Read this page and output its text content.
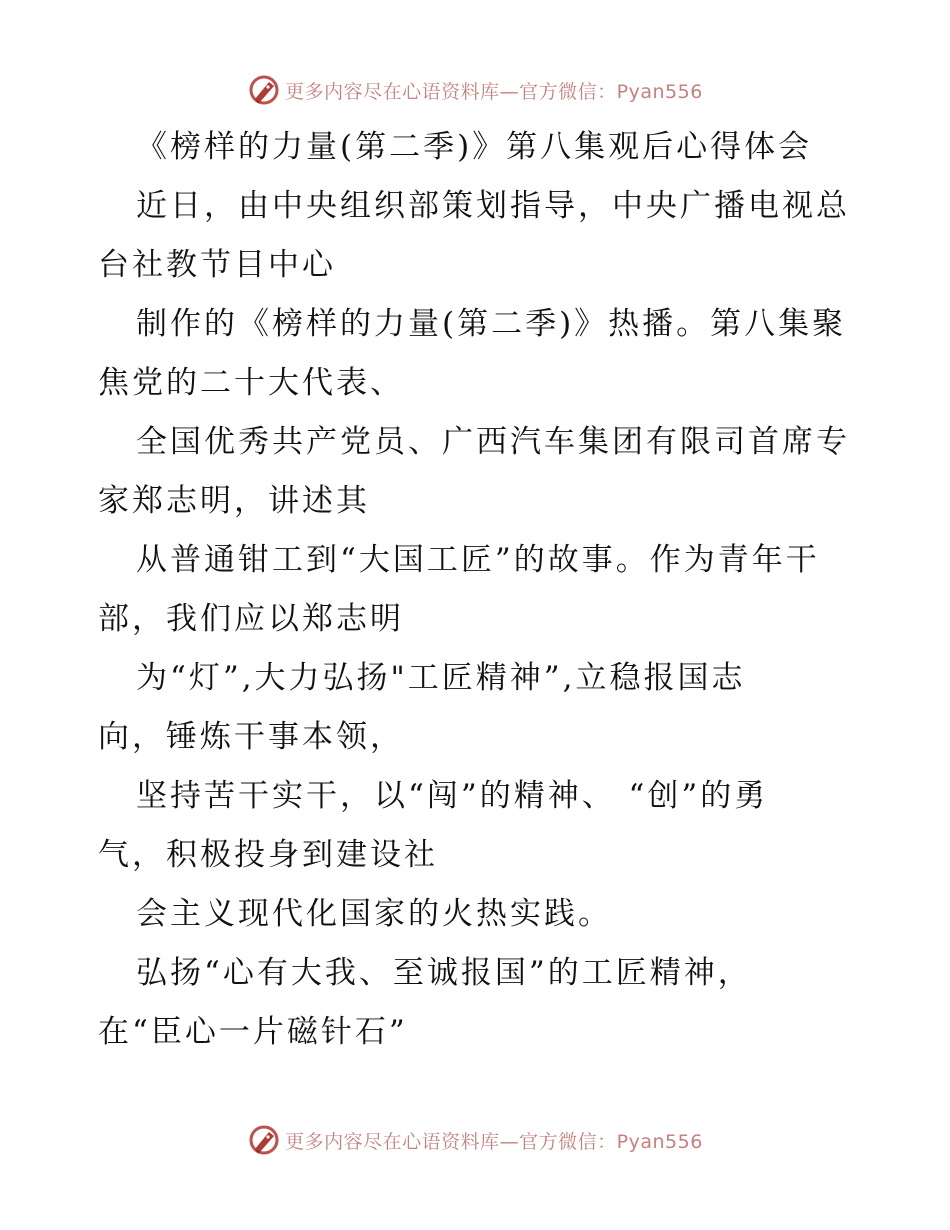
更多内容尽在心语资料库—官方微信：Pyan556

《榜样的力量(第二季)》第八集观后心得体会

近日，由中央组织部策划指导，中央广播电视总

台社教节目中心

制作的《榜样的力量(第二季)》热播。第八集聚

焦党的二十大代表、

全国优秀共产党员、广西汽车集团有限司首席专

家郑志明，讲述其

从普通钳工到“大国工匠”的故事。作为青年干

部，我们应以郑志明

为“灯”,大力弘扬"工匠精神”,立稳报国志

向，锤炼干事本领，

坚持苦干实干，以“闯”的精神、 “创”的勇

气，积极投身到建设社

会主义现代化国家的火热实践。

弘扬“心有大我、至诚报国”的工匠精神，

在“臣心一片磁针石”

更多内容尽在心语资料库—官方微信：Pyan556
